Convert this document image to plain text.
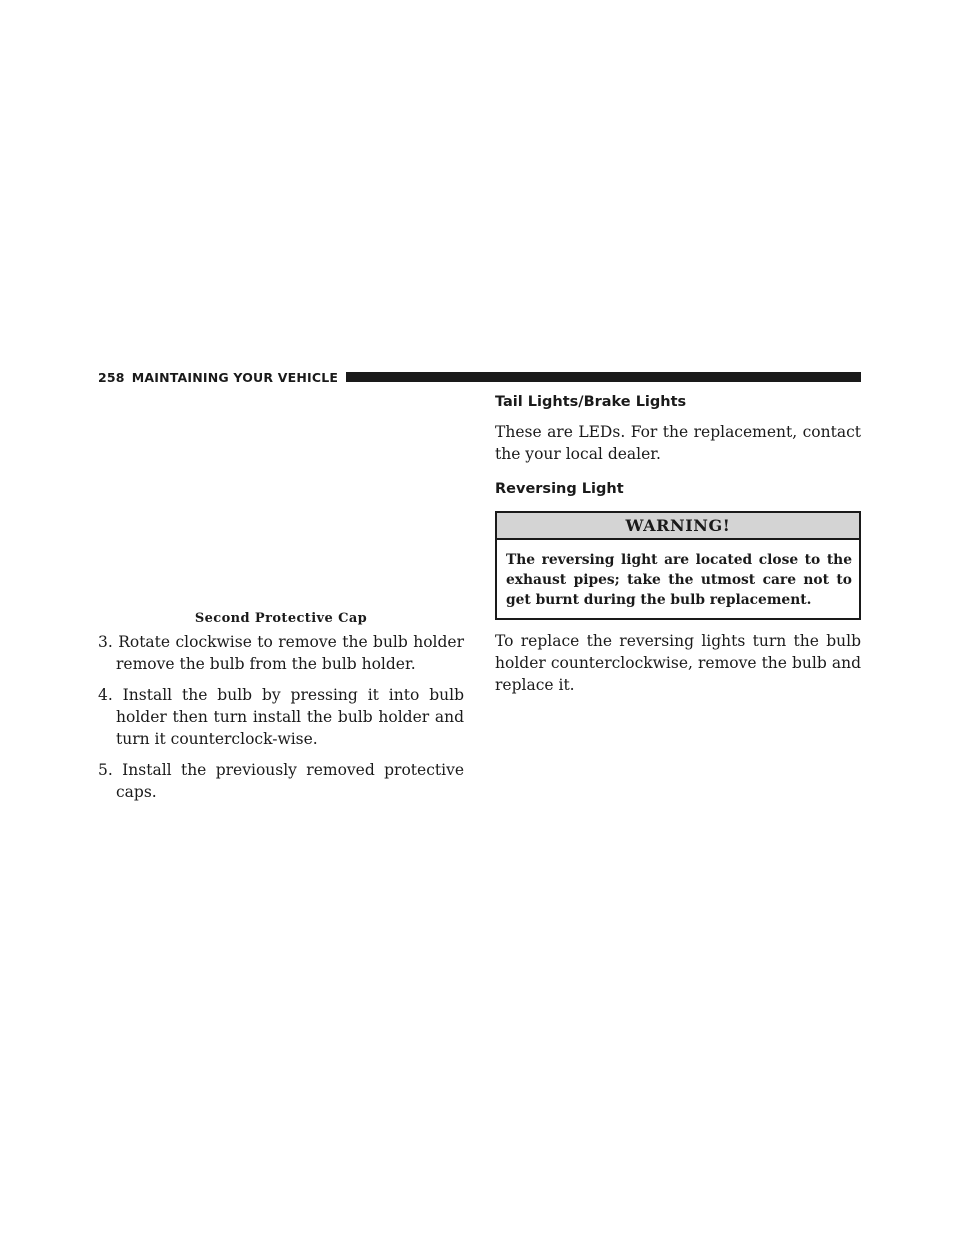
258 MAINTAINING YOUR VEHICLE
Second Protective Cap
3. Rotate clockwise to remove the bulb holder remove the bulb from the bulb holder.
4. Install the bulb by pressing it into bulb holder then turn install the bulb holder and turn it counterclock-wise.
5. Install the previously removed protective caps.
Tail Lights/Brake Lights

These are LEDs. For the replacement, contact the your local dealer.

Reversing Light
WARNING!
The reversing light are located close to the exhaust pipes; take the utmost care not to get burnt during the bulb replacement.

To replace the reversing lights turn the bulb holder counterclockwise, remove the bulb and replace it.
